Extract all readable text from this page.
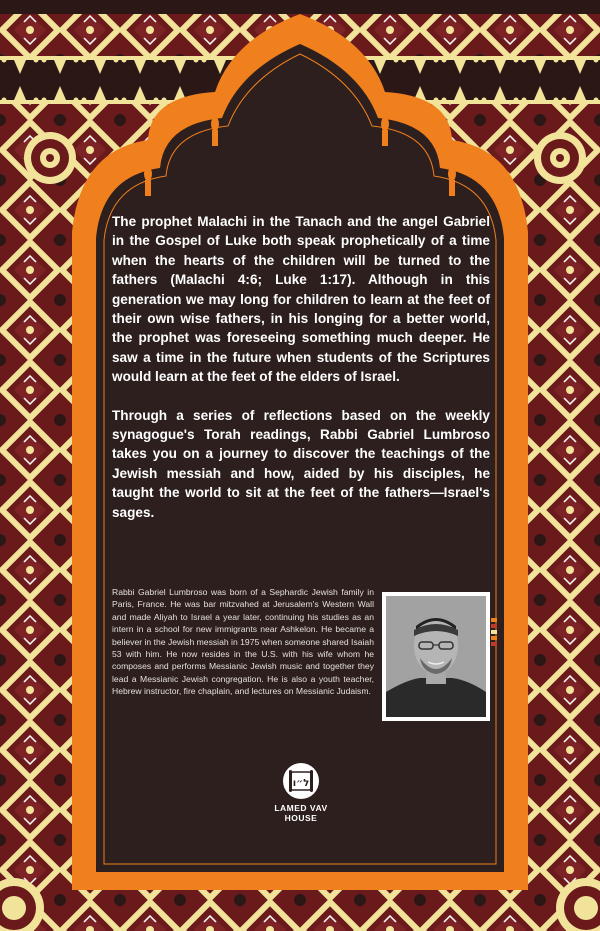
The prophet Malachi in the Tanach and the angel Gabriel in the Gospel of Luke both speak prophetically of a time when the hearts of the children will be turned to the fathers (Malachi 4:6; Luke 1:17). Although in this generation we may long for children to learn at the feet of their own wise fathers, in his longing for a better world, the prophet was foreseeing something much deeper. He saw a time in the future when students of the Scriptures would learn at the feet of the elders of Israel.

Through a series of reflections based on the weekly synagogue's Torah readings, Rabbi Gabriel Lumbroso takes you on a journey to discover the teachings of the Jewish messiah and how, aided by his disciples, he taught the world to sit at the feet of the fathers—Israel's sages.

Rabbi Gabriel Lumbroso was born of a Sephardic Jewish family in Paris, France. He was bar mitzvahed at Jerusalem's Western Wall and made Aliyah to Israel a year later, continuing his studies as an intern in a school for new immigrants near Ashkelon. He became a believer in the Jewish messiah in 1975 when someone shared Isaiah 53 with him. He now resides in the U.S. with his wife whom he composes and performs Messianic Jewish music and together they lead a Messianic Jewish congregation. He is also a youth teacher, Hebrew instructor, fire chaplain, and lectures on Messianic Judaism.
ל״ו
LAMED VAV
HOUSE
